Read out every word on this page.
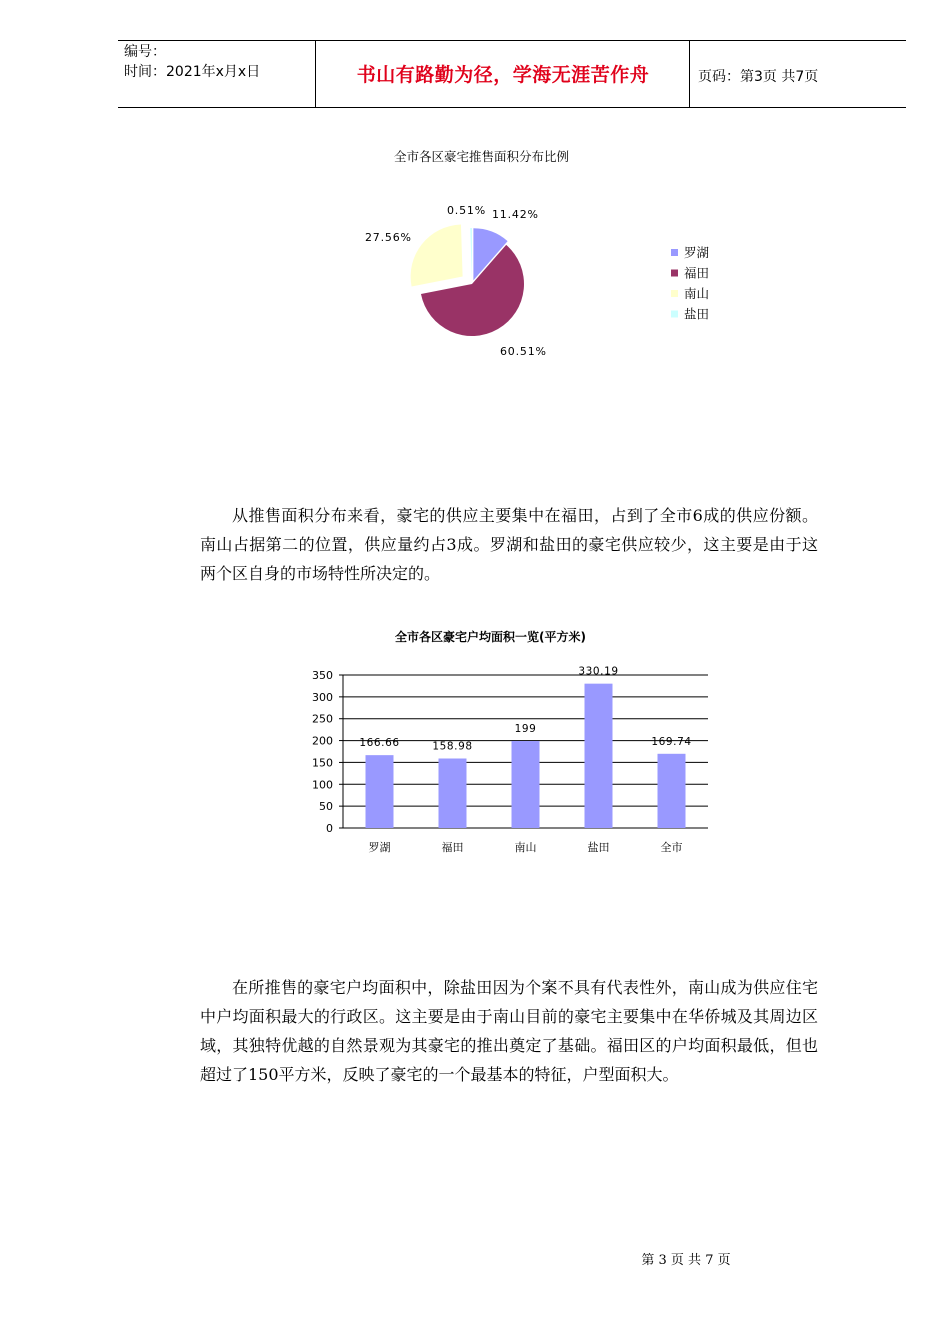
编号：
时间：2021年x月x日	书山有路勤为径，学海无涯苦作舟	页码：第3页 共7页
全市各区豪宅推售面积分布比例
11.42%
60.51%
27.56%
0.51%
罗湖
福田
南山
盐田

从推售面积分布来看，豪宅的供应主要集中在福田，占到了全市6成的供应份额。南山占据第二的位置，供应量约占3成。罗湖和盐田的豪宅供应较少，这主要是由于这两个区自身的市场特性所决定的。

全市各区豪宅户均面积一览(平方米)
0
50
100
150
200
250
300
350
166.66
罗湖
158.98
福田
199
南山
330.19
盐田
169.74
全市

在所推售的豪宅户均面积中，除盐田因为个案不具有代表性外，南山成为供应住宅中户均面积最大的行政区。这主要是由于南山目前的豪宅主要集中在华侨城及其周边区域，其独特优越的自然景观为其豪宅的推出奠定了基础。福田区的户均面积最低，但也超过了150平方米，反映了豪宅的一个最基本的特征，户型面积大。

第 3 页 共 7 页
